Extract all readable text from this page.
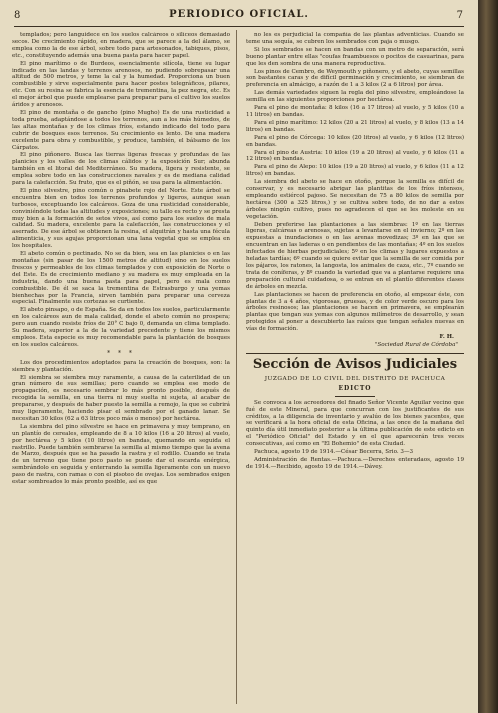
8	PERIODICO OFICIAL.	7

templados; pero languidece en los suelos calcáreos o silíceos demasiado secos. De crecimiento rápido, en madera, que se parece a la del álamo, se emplea como la de ese árbol, sobre todo para artesonados, tabiques, pisos, etc., constituyendo además una buena pasta para hacer papel.

El pino marítimo o de Burdeos, esencialmente silícola, tiene su lugar indicado en las landas y terrenos arenosos, no pudiendo sobrepasar una altitud de 500 metros, y teme la cal y la humedad. Proporciona un buen combustible y sirve especialmente para hacer postes telegráficos, pilares, etc. Con su resina se fabrica la esencia de trementina, la pez negra, etc. Es el mejor árbol que puede emplearse para preparar para el cultivo los suelos áridos y arenosos.

El pino de montaña o de gancho (pino Mugho) Es de una rusticidad a toda prueba, adaptándose a todos los terrenos, aun a los más húmedos, de las altas montañas y de los climas fríos, estando indicado del todo para cubrir de bosques esos terrenos. Su crecimiento es lento. De una madera excelente para obra y combustible, y produce, también, el bálsamo de los Cárpatos.

El pino piñonero. Busca las tierras ligeras frescas y profundas de las planicies y los valles de los climas cálidos y la exposición Sur; abunda también en el litoral del Mediterráneo. Su madera, ligera y resistente, se emplea sobre todo en las construcciones navales y es de mediana calidad para la calefacción. Su fruto, que es el piñón, se usa para la alimentación.

El pino silvestre, pino común o pinabete rojo del Norte. Este árbol se encuentra bien en todos los terrenos profundos y ligeros, aunque sean turbosos, exceptuando los calcáreos. Goza de una rusticidad considerable, conviniéndole todas las altitudes y exposiciones; su tallo es recto y se presta muy bien a la formación de setos vivos, así como para los suelos de mala calidad. Su madera, excelente para la calefacción, las construcciones y el aserrado. De ese árbol se obtienen la resina, el alquitrán y hasta una fécula alimenticia, y sus agujas proporcionan una lana vegetal que se emplea en los hospitales.

El abeto común o pectinado. No se da bien, sea en las planicies o en las montañas (sin pasar de los 1500 metros de altitud) sino en los suelos frescos y permeables de los climas templados y con exposición de Norte o del Este. Es de crecimiento mediano y su madera es muy empleada en la industria, dando una buena pasta para papel, pero es mala como combustible. De él se saca la trementina de Estrasburgo y una yemas bienhechas por la Francia, sirven también para preparar una cerveza especial. Finalmente sus cortezas se curtiente.

El abeto pinsapo, o de España. Se da en todos los suelos, particularmente en los calcáreos aun de mala calidad, donde el abeto común no prospera; pero aun cuando resiste fríos de 20° C bajo 0, demanda un clima templado. Su madera, superior a la de la variedad precedente y tiene los mismos empleos. Esta especie es muy recomendable para la plantación de bosques en los suelos calcáreos.

* * *

Los dos procedimientos adoptados para la creación de bosques, son: la siembra y plantación.

El siembra se siembra muy raramente, a causa de la caterilidad de un gran número de sus semillas; pero cuando se emplea ese modo de propagación, es necesario sembrar lo más pronto posible, después de recogida la semilla, en una tierra ni muy suelta ni sujeta, al acabar de prepararse, y después de haber puesto la semilla a remojo, la que se cubrirá muy ligeramente, haciendo pisar el sembrado por el ganado lanar. Se necesitan 30 kilos (62 a 63 litros poco más o menos) por hectárea.

La siembra del pino silvestre se hace en primavera y muy temprano, en un plantío de cereales, empleando de 8 a 10 kilos (16 a 20 litros) al vuelo, por hectárea y 5 kilos (10 litros) en bandas, quemando en seguida el rastrillo. Puede también sembrarse la semilla al mismo tiempo que la avena de Marzo, después que se ha pasado la rastra y el rodillo. Cuando se trata de un terreno que tiene poco pasto se puede dar el escarda enérgica, sembrándolo en seguida y enterrando la semilla ligeramente con un nuevo paso de rastra, con ramas o con el pisoteo de ovejas. Los sembrados exigen estar sombreados lo más pronto posible, así es que

no les es perjudicial la compañía de las plantas adventicias. Cuando se teme una sequía, se cubren los sembrados con paja o musgo.

Si los sembrados se hacen en bandas con un metro de separación, será bueno plantar entre ellas "coufas fraambuesos o pocitos de casuarinas, para que les den sombra de una manera reproductiva.

Los pinos de Cembro, de Weymouth y piñonero, y el abeto, cuyas semillas son bastantes caras y de difícil germinación y crecimiento, se siembran de preferencia en almácigo, a razón de 1 a 3 kilos (2 a 6 litros) por área.

Las demás variedades siguen la regla del pino silvestre, empleándose la semilla en las siguientes proporciones por hectárea.

Para el pino de montaña: 8 kilos (16 a 17 litros) al vuelo, y 5 kilos (10 a 11 litros) en bandas.

Para el pino marítimo: 12 kilos (20 a 21 litros) al vuelo, y 8 kilos (13 a 14 litros) en bandas.

Para el pino de Córcega: 10 kilos (20 litros) al vuelo, y 6 kilos (12 litros) en bandas.

Para el pino de Austria: 10 kilos (19 a 20 litros) al vuelo, y 6 kilos (11 a 12 litros) en bandas.

Para el pino de Alepo: 10 kilos (19 a 20 litros) al vuelo, y 6 kilos (11 a 12 litros) en bandas.

La siembra del abeto se hace en otoño, porque la semilla es difícil de conservar, y es necesario abrigar las plantitas de los fríos intensos, empleando estiércol pajoso. Se necesitan de 75 a 80 kilos de semilla por hectárea (300 a 325 litros,) y se cultiva sobre todo, de no dar a estos árboles ningún cultivo, pues no agradecen el que se les moleste en su vegetación.

Deben preferirse las plantaciones a las siembras: 1º en las tierras ligeras, calcáreas o arenosas, sujetas a levantarse en el invierno; 2º en las expuestas a inundaciones o en las arenas movedizas; 3º en las que se encuentran en las laderas o en pendientes de las montañas; 4º en los suelos infectados de hierbas perjudiciales; 5º en los climas y lugares expuestos a heladas tardías; 6º cuando se quiere evitar que la semilla de ser comida por los pájaros, los ratones, la langosta, los animales de caza, etc., 7º cuando se trata de coníferas, y 8º cuando la variedad que va a plantarse requiere una preparación cultural cuidadosa, o se entran en el plantío diferentes clases de árboles en mezcla.

Las plantaciones se hacen de preferencia en otoño, al empezar éste, con plantas de 3 a 4 años, vigorosas, gruesas, y de color verde oscuro para los árboles resinosos; las plantaciones se hacen en primavera, se emplearán plantas que tengan sus yemas con algunos milímetros de desarrollo, y sean protegidos al poner a descubierto las raíces que tengan señales nuevas en vías de formación.

F. H.

"Sociedad Rural de Córdoba"

Sección de Avisos Judiciales
JUZGADO DE LO CIVIL DEL DISTRITO DE PACHUCA
EDICTO

Se convoca a los acreedores del finado Señor Vicente Aguilar vecino que fué de este Mineral, para que concurran con los justificantes de sus créditos, a la diligencia de inventario y avalúo de los bienes yacentes, que se verificará a la hora oficial de esta Oficina, a las once de la mañana del quinto día útil inmediato posterior a la última publicación de este edicto en el "Periódico Oficial" del Estado y en el que aparecerán tres veces consecutivas, así como en "El Bohemio" de esta Ciudad.

Pachuca, agosto 19 de 1914.—César Becerra, Srio. 3—3

Administración de Rentas.—Pachuca.—Derechos enteradaos, agosto 19 de 1914.—Recibido, agosto 19 de 1914.—Dávey.
